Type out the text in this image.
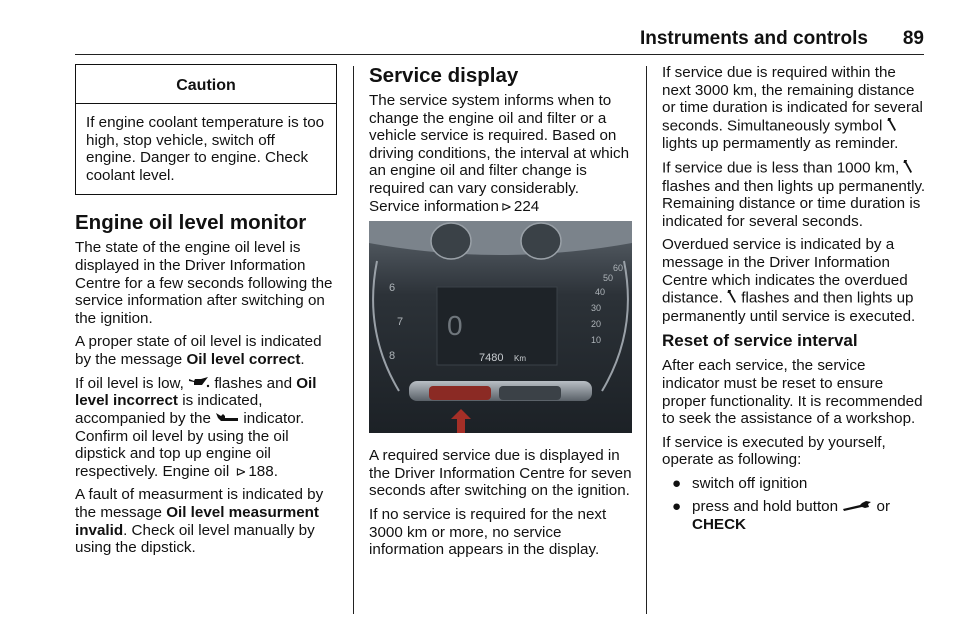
Instruments and controls 89
Caution
If engine coolant temperature is too high, stop vehicle, switch off engine. Danger to engine. Check coolant level.
Engine oil level monitor

The state of the engine oil level is displayed in the Driver Information Centre for a few seconds following the service information after switching on the ignition.

A proper state of oil level is indicated by the message Oil level correct.

If oil level is low,  flashes and Oil level incorrect is indicated, accompanied by the  indicator. Confirm oil level by using the oil dipstick and top up engine oil respectively. Engine oil ⊳ 188.

A fault of measurment is indicated by the message Oil level measurment invalid. Check oil level manually by using the dipstick.

Service display

The service system informs when to change the engine oil and filter or a vehicle service is required. Based on driving conditions, the interval at which an engine oil and filter change is required can vary considerably. Service information ⊳ 224

0
7480 Km
6
7
8
60
50
40
30
20
10

A required service due is displayed in the Driver Information Centre for seven seconds after switching on the ignition.

If no service is required for the next 3000 km or more, no service information appears in the display.

If service due is required within the next 3000 km, the remaining distance or time duration is indicated for several seconds. Simultaneously symbol  lights up permamently as reminder.

If service due is less than 1000 km,  flashes and then lights up permanently. Remaining distance or time duration is indicated for several seconds.

Overdued service is indicated by a message in the Driver Information Centre which indicates the overdued distance.  flashes and then lights up permanently until service is executed.

Reset of service interval

After each service, the service indicator must be reset to ensure proper functionality. It is recommended to seek the assistance of a workshop.

If service is executed by yourself, operate as following:

● switch off ignition
● press and hold button  or
CHECK
